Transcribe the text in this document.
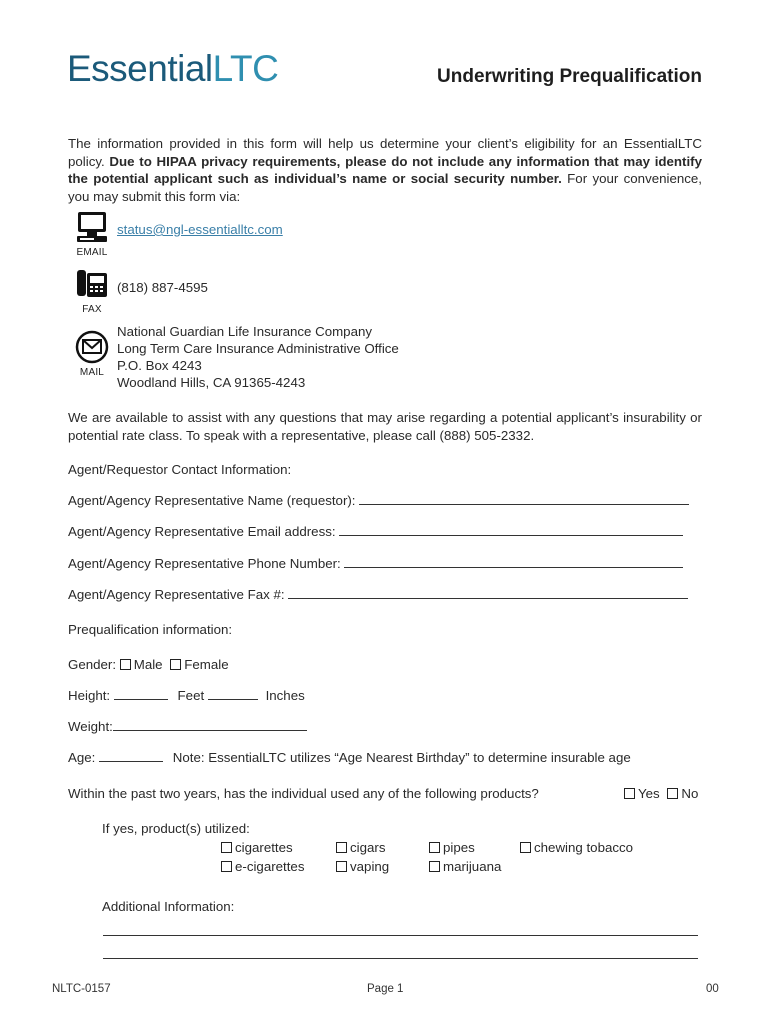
EssentialLTC	Underwriting Prequalification
The information provided in this form will help us determine your client’s eligibility for an EssentialLTC policy. Due to HIPAA privacy requirements, please do not include any information that may identify the potential applicant such as individual’s name or social security number. For your convenience, you may submit this form via:
EMAIL
status@ngl-essentialltc.com
FAX
(818) 887-4595
MAIL
National Guardian Life Insurance Company
Long Term Care Insurance Administrative Office
P.O. Box 4243
Woodland Hills, CA 91365-4243
We are available to assist with any questions that may arise regarding a potential applicant’s insurability or potential rate class. To speak with a representative, please call (888) 505-2332.
Agent/Requestor Contact Information:
Agent/Agency Representative Name (requestor):
Agent/Agency Representative Email address:
Agent/Agency Representative Phone Number:
Agent/Agency Representative Fax #:
Prequalification information:
Gender: Male Female
Height:	Feet	Inches
Weight:
Age:	Note: EssentialLTC utilizes “Age Nearest Birthday” to determine insurable age
Within the past two years, has the individual used any of the following products?	Yes No
If yes, product(s) utilized:
cigarettes	cigars	pipes	chewing tobacco
e-cigarettes	vaping	marijuana
Additional Information:
NLTC-0157	Page 1	00
